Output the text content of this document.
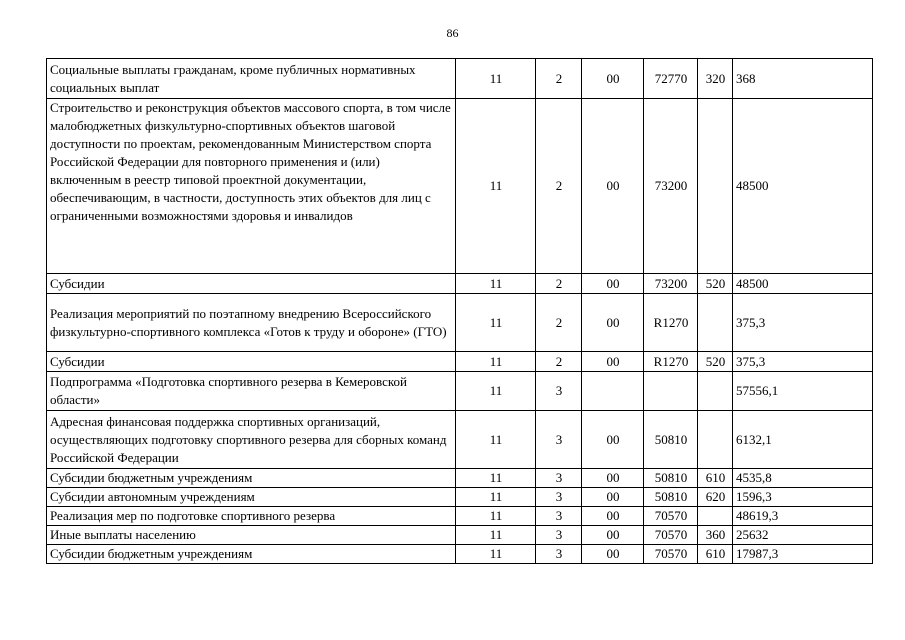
86
Социальные выплаты гражданам, кроме публичных нормативных социальных выплат	11	2	00	72770	320	368
Строительство и реконструкция объектов массового спорта, в том числе малобюджетных физкультурно-спортивных объектов шаговой доступности по проектам, рекомендованным Министерством спорта Российской Федерации для повторного применения и (или) включенным в реестр типовой проектной документации, обеспечивающим, в частности, доступность этих объектов для лиц с ограниченными возможностями здоровья и инвалидов	11	2	00	73200		48500
Субсидии	11	2	00	73200	520	48500
Реализация мероприятий по поэтапному внедрению Всероссийского физкультурно-спортивного комплекса «Готов к труду и обороне» (ГТО)	11	2	00	R1270		375,3
Субсидии	11	2	00	R1270	520	375,3
Подпрограмма «Подготовка спортивного резерва в Кемеровской области»	11	3				57556,1
Адресная финансовая поддержка спортивных организаций, осуществляющих подготовку спортивного резерва для сборных команд Российской Федерации	11	3	00	50810		6132,1
Субсидии бюджетным учреждениям	11	3	00	50810	610	4535,8
Субсидии автономным учреждениям	11	3	00	50810	620	1596,3
Реализация мер по подготовке спортивного резерва	11	3	00	70570		48619,3
Иные выплаты населению	11	3	00	70570	360	25632
Субсидии бюджетным учреждениям	11	3	00	70570	610	17987,3
